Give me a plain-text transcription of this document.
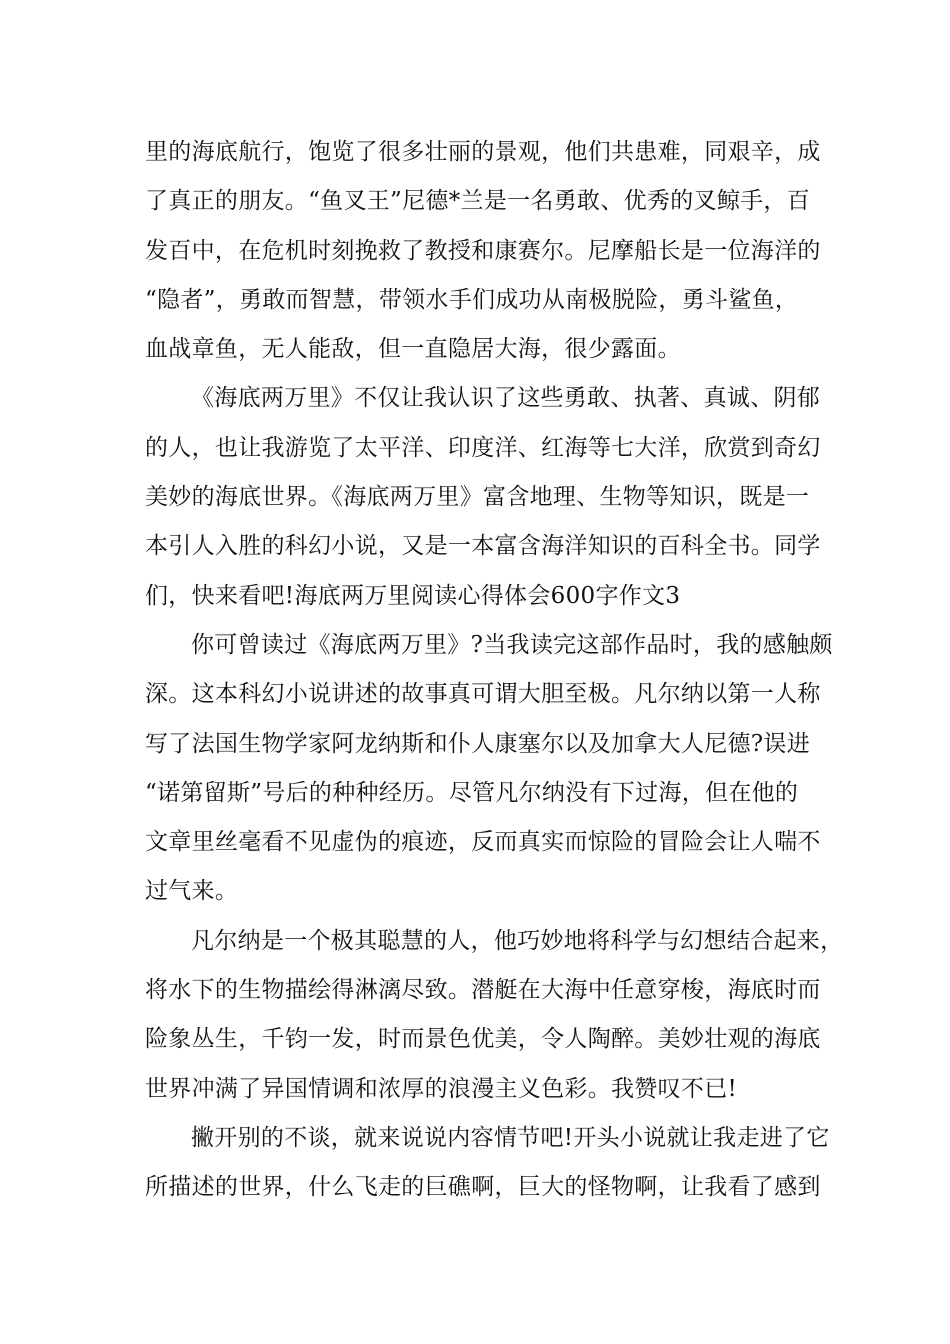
里的海底航行，饱览了很多壮丽的景观，他们共患难，同艰辛，成
了真正的朋友。“鱼叉王”尼德*兰是一名勇敢、优秀的叉鲸手，百
发百中，在危机时刻挽救了教授和康赛尔。尼摩船长是一位海洋的
“隐者”，勇敢而智慧，带领水手们成功从南极脱险，勇斗鲨鱼，
血战章鱼，无人能敌，但一直隐居大海，很少露面。
《海底两万里》不仅让我认识了这些勇敢、执著、真诚、阴郁
的人，也让我游览了太平洋、印度洋、红海等七大洋，欣赏到奇幻
美妙的海底世界。《海底两万里》富含地理、生物等知识，既是一
本引人入胜的科幻小说，又是一本富含海洋知识的百科全书。同学
们，快来看吧!海底两万里阅读心得体会600字作文3
你可曾读过《海底两万里》?当我读完这部作品时，我的感触颇
深。这本科幻小说讲述的故事真可谓大胆至极。凡尔纳以第一人称
写了法国生物学家阿龙纳斯和仆人康塞尔以及加拿大人尼德?误进
“诺第留斯”号后的种种经历。尽管凡尔纳没有下过海，但在他的
文章里丝毫看不见虚伪的痕迹，反而真实而惊险的冒险会让人喘不
过气来。
凡尔纳是一个极其聪慧的人，他巧妙地将科学与幻想结合起来，
将水下的生物描绘得淋漓尽致。潜艇在大海中任意穿梭，海底时而
险象丛生，千钧一发，时而景色优美，令人陶醉。美妙壮观的海底
世界冲满了异国情调和浓厚的浪漫主义色彩。我赞叹不已!
撇开别的不谈，就来说说内容情节吧!开头小说就让我走进了它
所描述的世界，什么飞走的巨礁啊，巨大的怪物啊，让我看了感到
